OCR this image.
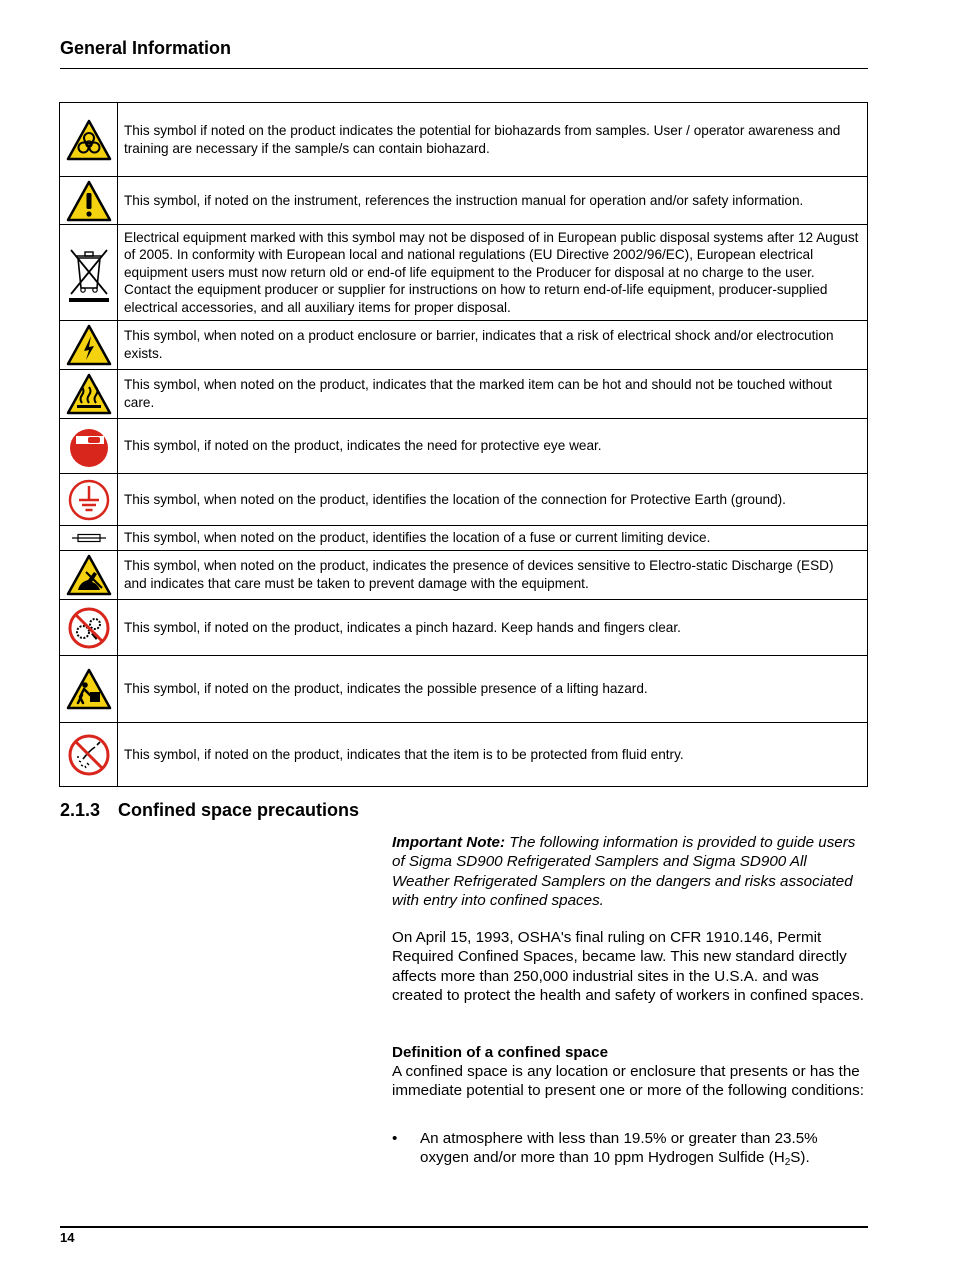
General Information
	This symbol if noted on the product indicates the potential for biohazards from samples. User / operator awareness and training are necessary if the sample/s can contain biohazard.

	This symbol, if noted on the instrument, references the instruction manual for operation and/or safety information.

	Electrical equipment marked with this symbol may not be disposed of in European public disposal systems after 12 August of 2005. In conformity with European local and national regulations (EU Directive 2002/96/EC), European electrical equipment users must now return old or end-of life equipment to the Producer for disposal at no charge to the user. Contact the equipment producer or supplier for instructions on how to return end-of-life equipment, producer-supplied electrical accessories, and all auxiliary items for proper disposal.

	This symbol, when noted on a product enclosure or barrier, indicates that a risk of electrical shock and/or electrocution exists.

	This symbol, when noted on the product, indicates that the marked item can be hot and should not be touched without care.

	This symbol, if noted on the product, indicates the need for protective eye wear.

	This symbol, when noted on the product, identifies the location of the connection for Protective Earth (ground).

	This symbol, when noted on the product, identifies the location of a fuse or current limiting device.

	This symbol, when noted on the product, indicates the presence of devices sensitive to Electro-static Discharge (ESD) and indicates that care must be taken to prevent damage with the equipment.

	This symbol, if noted on the product, indicates a pinch hazard. Keep hands and fingers clear.

	This symbol, if noted on the product, indicates the possible presence of a lifting hazard.

	This symbol, if noted on the product, indicates that the item is to be protected from fluid entry.
2.1.3 Confined space precautions
Important Note: The following information is provided to guide users of Sigma SD900 Refrigerated Samplers and Sigma SD900 All Weather Refrigerated Samplers on the dangers and risks associated with entry into confined spaces.
On April 15, 1993, OSHA's final ruling on CFR 1910.146, Permit Required Confined Spaces, became law. This new standard directly affects more than 250,000 industrial sites in the U.S.A. and was created to protect the health and safety of workers in confined spaces.
Definition of a confined space
A confined space is any location or enclosure that presents or has the immediate potential to present one or more of the following conditions:
• An atmosphere with less than 19.5% or greater than 23.5% oxygen and/or more than 10 ppm Hydrogen Sulfide $(H_2S)$.
14
